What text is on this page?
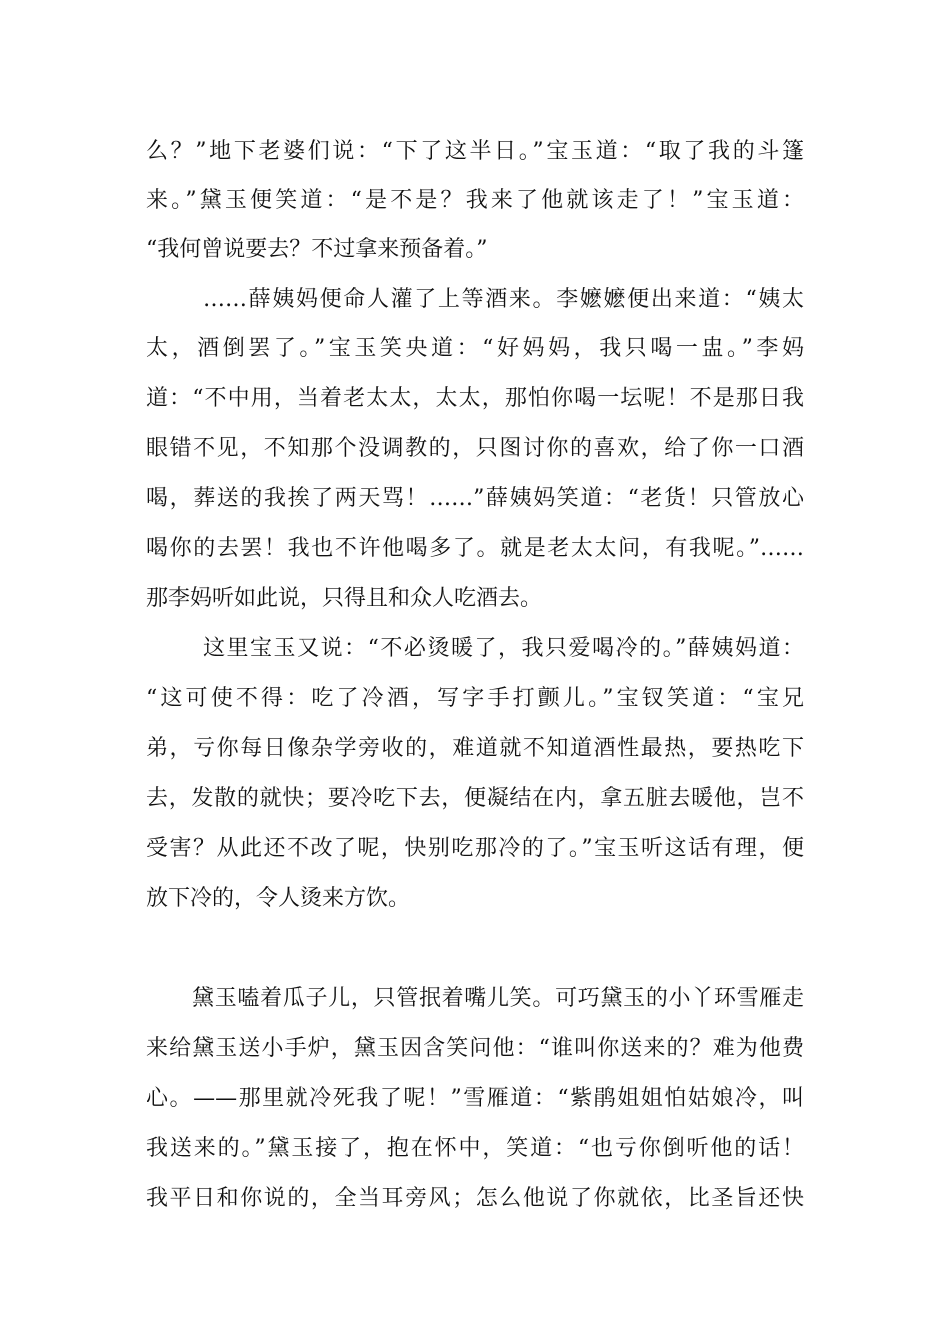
么？”地下老婆们说：“下了这半日。”宝玉道：“取了我的斗篷
来。”黛玉便笑道：“是不是？我来了他就该走了！”宝玉道：
“我何曾说要去？不过拿来预备着。”
……薛姨妈便命人灌了上等酒来。李嬷嬷便出来道：“姨太
太，酒倒罢了。”宝玉笑央道：“好妈妈，我只喝一盅。”李妈
道：“不中用，当着老太太，太太，那怕你喝一坛呢！不是那日我
眼错不见，不知那个没调教的，只图讨你的喜欢，给了你一口酒
喝，葬送的我挨了两天骂！……”薛姨妈笑道：“老货！只管放心
喝你的去罢！我也不许他喝多了。就是老太太问，有我呢。”……
那李妈听如此说，只得且和众人吃酒去。
这里宝玉又说：“不必烫暖了，我只爱喝冷的。”薛姨妈道：
“这可使不得：吃了冷酒，写字手打颤儿。”宝钗笑道：“宝兄
弟，亏你每日像杂学旁收的，难道就不知道酒性最热，要热吃下
去，发散的就快；要冷吃下去，便凝结在内，拿五脏去暖他，岂不
受害？从此还不改了呢，快别吃那冷的了。”宝玉听这话有理，便
放下冷的，令人烫来方饮。
黛玉嗑着瓜子儿，只管抿着嘴儿笑。可巧黛玉的小丫环雪雁走
来给黛玉送小手炉，黛玉因含笑问他：“谁叫你送来的？难为他费
心。——那里就冷死我了呢！”雪雁道：“紫鹃姐姐怕姑娘冷，叫
我送来的。”黛玉接了，抱在怀中，笑道：“也亏你倒听他的话！
我平日和你说的，全当耳旁风；怎么他说了你就依，比圣旨还快
